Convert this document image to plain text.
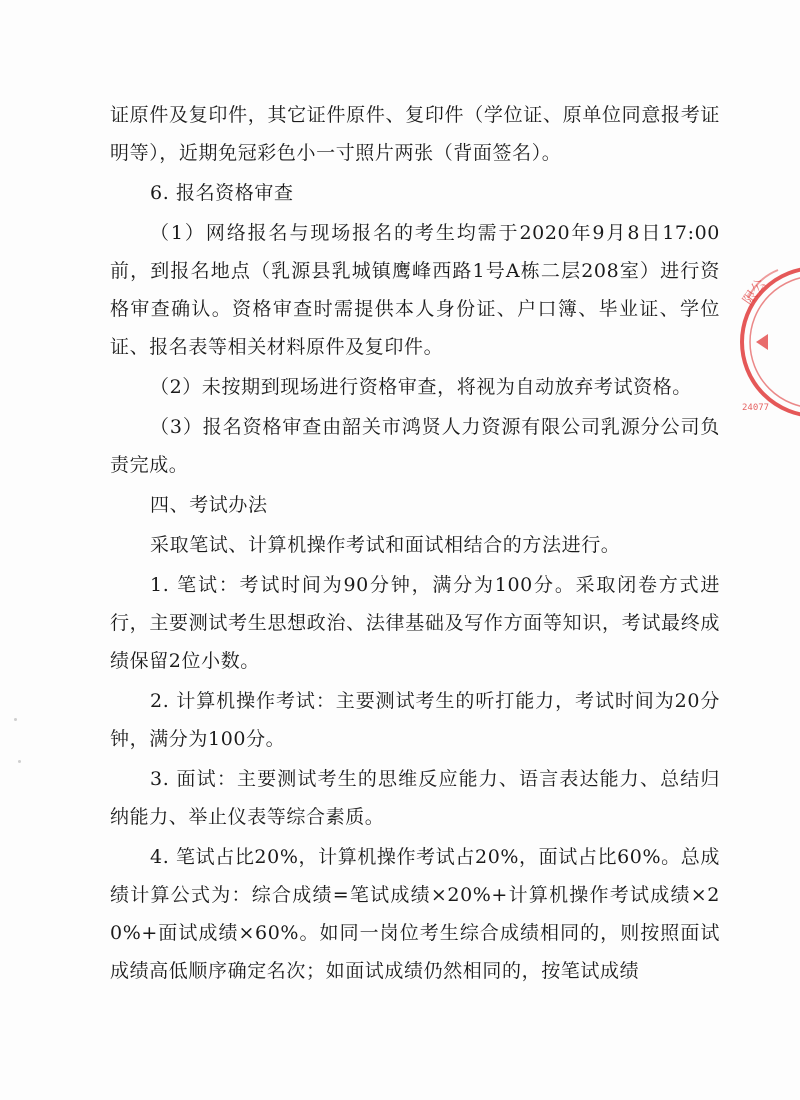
证原件及复印件，其它证件原件、复印件（学位证、原单位同意报考证明等），近期免冠彩色小一寸照片两张（背面签名）。

6. 报名资格审查

（1）网络报名与现场报名的考生均需于2020年9月8日17:00前，到报名地点（乳源县乳城镇鹰峰西路1号A栋二层208室）进行资格审查确认。资格审查时需提供本人身份证、户口簿、毕业证、学位证、报名表等相关材料原件及复印件。

（2）未按期到现场进行资格审查，将视为自动放弃考试资格。

（3）报名资格审查由韶关市鸿贤人力资源有限公司乳源分公司负责完成。

四、考试办法

采取笔试、计算机操作考试和面试相结合的方法进行。

1. 笔试：考试时间为90分钟，满分为100分。采取闭卷方式进行，主要测试考生思想政治、法律基础及写作方面等知识，考试最终成绩保留2位小数。

2. 计算机操作考试：主要测试考生的听打能力，考试时间为20分钟，满分为100分。

3. 面试：主要测试考生的思维反应能力、语言表达能力、总结归纳能力、举止仪表等综合素质。

4. 笔试占比20%，计算机操作考试占20%，面试占比60%。总成绩计算公式为：综合成绩=笔试成绩×20%+计算机操作考试成绩×20%+面试成绩×60%。如同一岗位考生综合成绩相同的，则按照面试成绩高低顺序确定名次；如面试成绩仍然相同的，按笔试成绩

限公
24077
